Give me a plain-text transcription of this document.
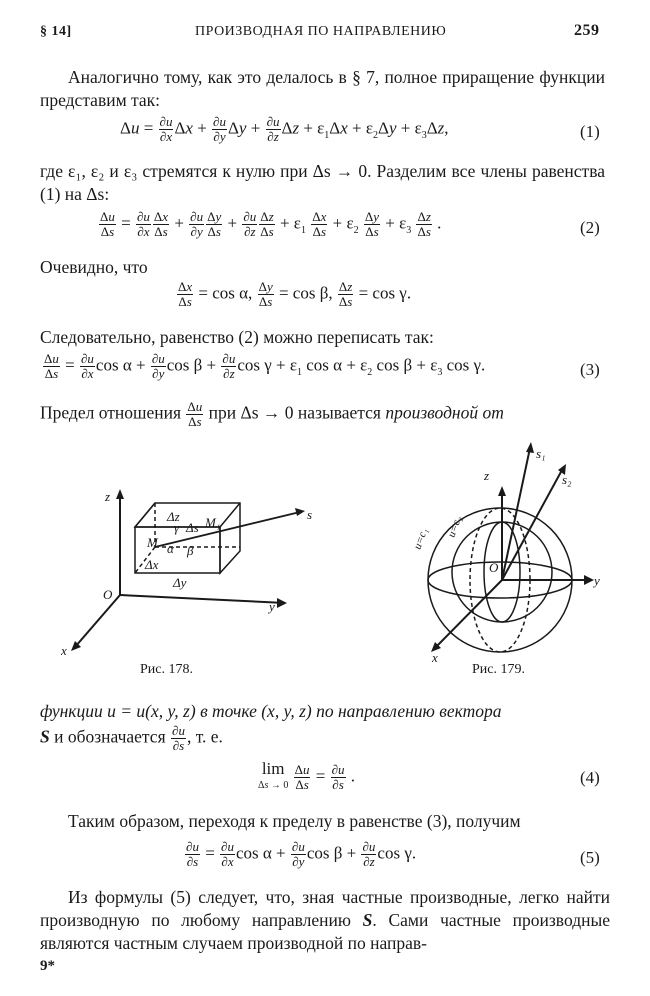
§ 14]	ПРОИЗВОДНАЯ ПО НАПРАВЛЕНИЮ	259
Аналогично тому, как это делалось в § 7, полное приращение функции представим так:
$\Delta u = \frac{\partial u}{\partial x}$ $\Delta x + \frac{\partial u}{\partial y}$ $\Delta y + \frac{\partial u}{\partial z}$ $\Delta z + \varepsilon_1\Delta x + \varepsilon_2\Delta y + \varepsilon_3\Delta z$,	(1)
где ε₁, ε₂ и ε₃ стремятся к нулю при Δs → 0. Разделим все члены равенства (1) на Δs:
$\frac{\Delta u}{\Delta s} = \frac{\partial u}{\partial x} \frac{\Delta x}{\Delta s} + \frac{\partial u}{\partial y} \frac{\Delta y}{\Delta s} + \frac{\partial u}{\partial z} \frac{\Delta z}{\Delta s} + \varepsilon_1 \frac{\Delta x}{\Delta s} + \varepsilon_2 \frac{\Delta y}{\Delta s} + \varepsilon_3 \frac{\Delta z}{\Delta s}$ .	(2)
Очевидно, что
$\frac{\Delta x}{\Delta s} = \cos \alpha$, $\frac{\Delta y}{\Delta s} = \cos \beta$, $\frac{\Delta z}{\Delta s} = \cos \gamma$.
Следовательно, равенство (2) можно переписать так:
$\frac{\Delta u}{\Delta s} = \frac{\partial u}{\partial x}$ $\cos \alpha + \frac{\partial u}{\partial y}$ $\cos \beta + \frac{\partial u}{\partial z}$ $\cos \gamma + \varepsilon_1$ $\cos \alpha + \varepsilon_2$ $\cos \beta + \varepsilon_3$ cos γ.	(3)
Предел отношения $\frac{\Delta u}{\Delta s}$ при Δs → 0 называется производной от
z
Δz M₁
γ Δs
s
M α β
Δx
Δy
O
y
x
Рис. 178.
z
s₁
s₂
u=c₁ u=c₂
O
y
x
Рис. 179.
функции u = u(x, y, z) в точке (x, y, z) по направлению вектора
S и обозначается $\frac{\partial u}{\partial s}$ , т. е.
lim
$\Delta s \to 0 \frac{\Delta u}{\Delta s} = \frac{\partial u}{\partial s}$ .	(4)
Таким образом, переходя к пределу в равенстве (3), получим
$\frac{\partial u}{\partial s} = \frac{\partial u}{\partial x}$ $\cos \alpha + \frac{\partial u}{\partial y}$ $\cos \beta + \frac{\partial u}{\partial z}$ cos γ.	(5)
Из формулы (5) следует, что, зная частные производные, легко найти производную по любому направлению S. Сами частные производные являются частным случаем производной по направ-
9*
